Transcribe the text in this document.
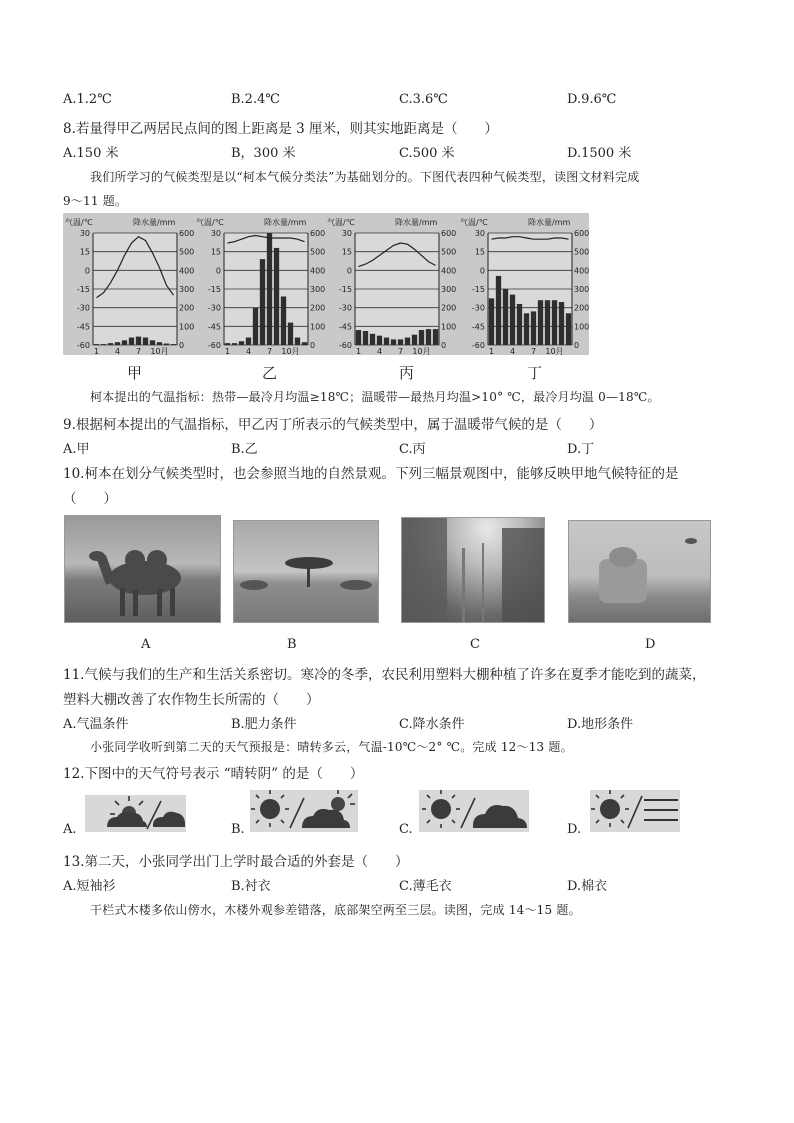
A.1.2℃	B.2.4℃	C.3.6℃	D.9.6℃
8.若量得甲乙两居民点间的图上距离是 3 厘米，则其实地距离是（　　）
A.150 米	B，300 米	C.500 米	D.1500 米
我们所学习的气候类型是以“柯本气候分类法”为基础划分的。下图代表四种气候类型，读图文材料完成
9～11 题。
气温/℃	降水量/mm
30	600
15	500
0	400
-15	300
-30	200
-45	100
-60	0
1 4 7 10月
气温/℃	降水量/mm
30	600
15	500
0	400
-15	300
-30	200
-45	100
-60	0
1 4 7 10月
气温/℃	降水量/mm
30	600
15	500
0	400
-15	300
-30	200
-45	100
-60	0
1 4 7 10月
气温/℃	降水量/mm
30	600
15	500
0	400
-15	300
-30	200
-45	100
-60	0
1 4 7 10月
甲	乙	丙	丁
柯本提出的气温指标：热带—最冷月均温≥18℃；温暖带—最热月均温>10° ℃，最冷月均温 0—18℃。
9.根据柯本提出的气温指标，甲乙丙丁所表示的气候类型中，属于温暖带气候的是（　　）
A.甲	B.乙	C.丙	D.丁
10.柯本在划分气候类型时，也会参照当地的自然景观。下列三幅景观图中，能够反映甲地气候特征的是
（　　）
A	B	C	D
11.气候与我们的生产和生活关系密切。寒冷的冬季，农民利用塑料大棚种植了许多在夏季才能吃到的蔬菜，
塑料大棚改善了农作物生长所需的（　　）
A.气温条件	B.肥力条件	C.降水条件	D.地形条件
小张同学收听到第二天的天气预报是：晴转多云，气温-10℃～2° ℃。完成 12～13 题。
12.下图中的天气符号表示 “晴转阴” 的是（　　）
A.	B.	C.	D.
13.第二天，小张同学出门上学时最合适的外套是（　　）
A.短袖衫	B.衬衣	C.薄毛衣	D.棉衣
干栏式木楼多依山傍水，木楼外观参差错落，底部架空两至三层。读图，完成 14～15 题。
